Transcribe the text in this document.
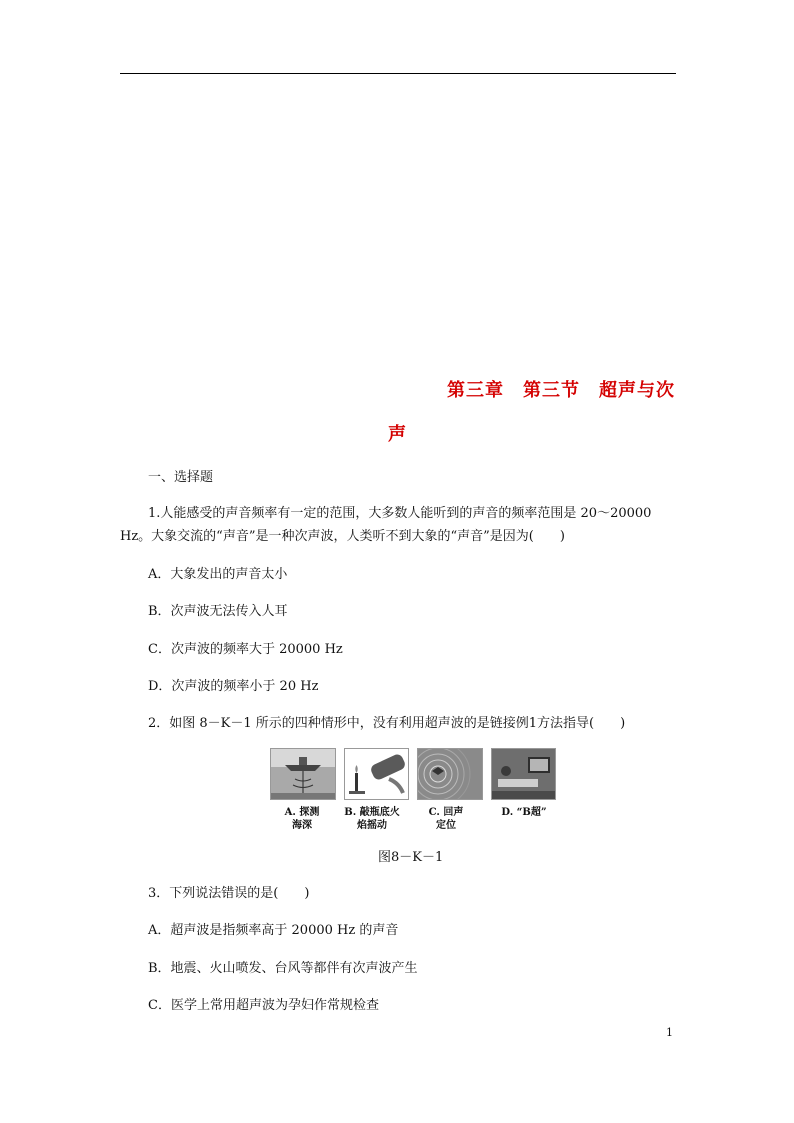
第三章　第三节　超声与次
声
一、选择题
1.人能感受的声音频率有一定的范围，大多数人能听到的声音的频率范围是 20～20000
Hz。大象交流的“声音”是一种次声波，人类听不到大象的“声音”是因为(　　)
A．大象发出的声音太小
B．次声波无法传入人耳
C．次声波的频率大于 20000 Hz
D．次声波的频率小于 20 Hz
2．如图 8－K－1 所示的四种情形中，没有利用超声波的是链接例1方法指导(　　)
A. 探测
海深
B. 敲瓶底火
焰摇动
C. 回声
定位
D. “B超”
图8－K－1
3．下列说法错误的是(　　)
A．超声波是指频率高于 20000 Hz 的声音
B．地震、火山喷发、台风等都伴有次声波产生
C．医学上常用超声波为孕妇作常规检查
1
